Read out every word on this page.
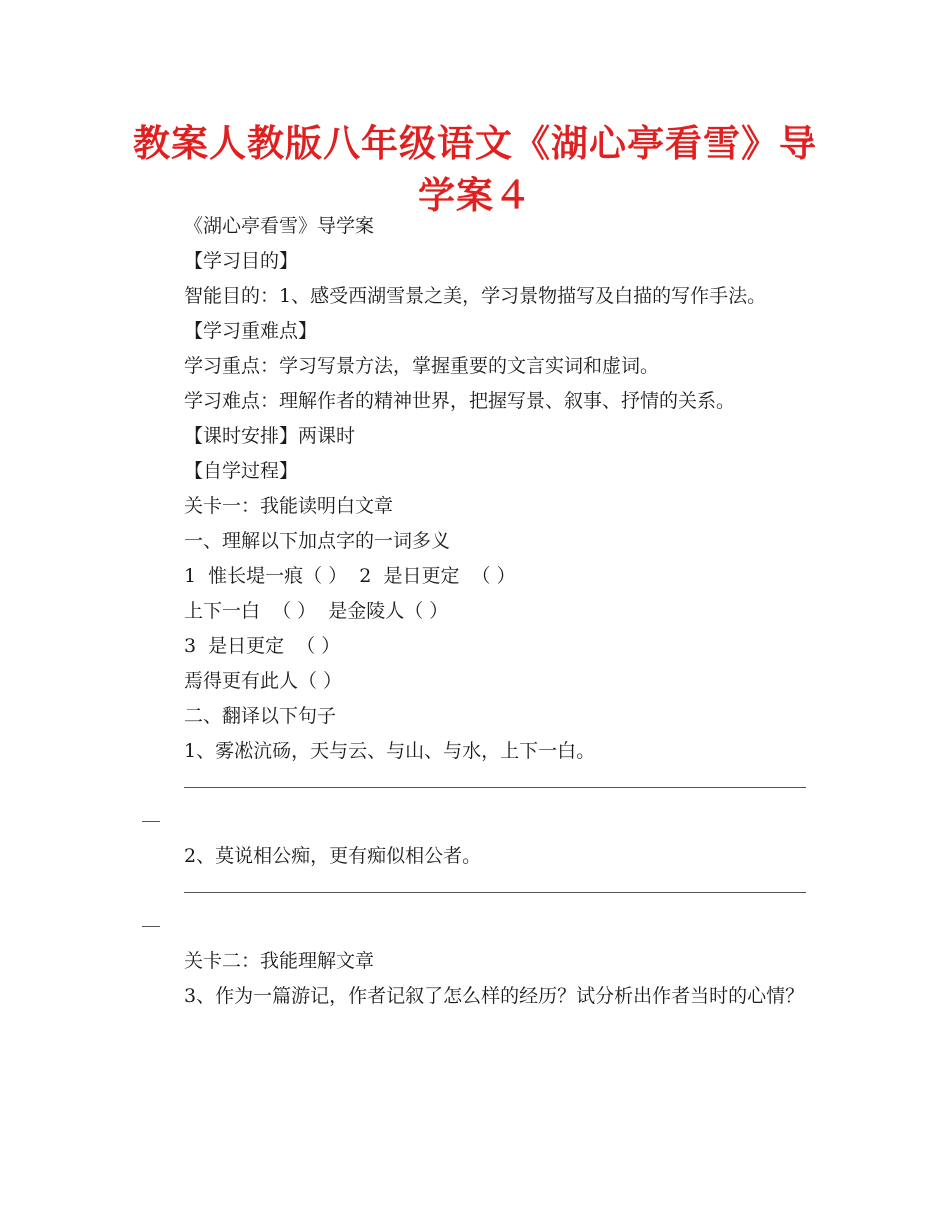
教案人教版八年级语文《湖心亭看雪》导学案４

《湖心亭看雪》导学案

【学习目的】

智能目的：1、感受西湖雪景之美，学习景物描写及白描的写作手法。

【学习重难点】

学习重点：学习写景方法，掌握重要的文言实词和虚词。

学习难点：理解作者的精神世界，把握写景、叙事、抒情的关系。

【课时安排】两课时

【自学过程】

关卡一：我能读明白文章

一、理解以下加点字的一词多义

1  惟长堤一痕（ ）  2  是日更定  （ ）

上下一白  （ ）  是金陵人（ ）

3  是日更定  （ ）

焉得更有此人（ ）

二、翻译以下句子

1、雾凇沆砀，天与云、与山、与水，上下一白。

2、莫说相公痴，更有痴似相公者。

关卡二：我能理解文章

3、作为一篇游记，作者记叙了怎么样的经历？试分析出作者当时的心情？
